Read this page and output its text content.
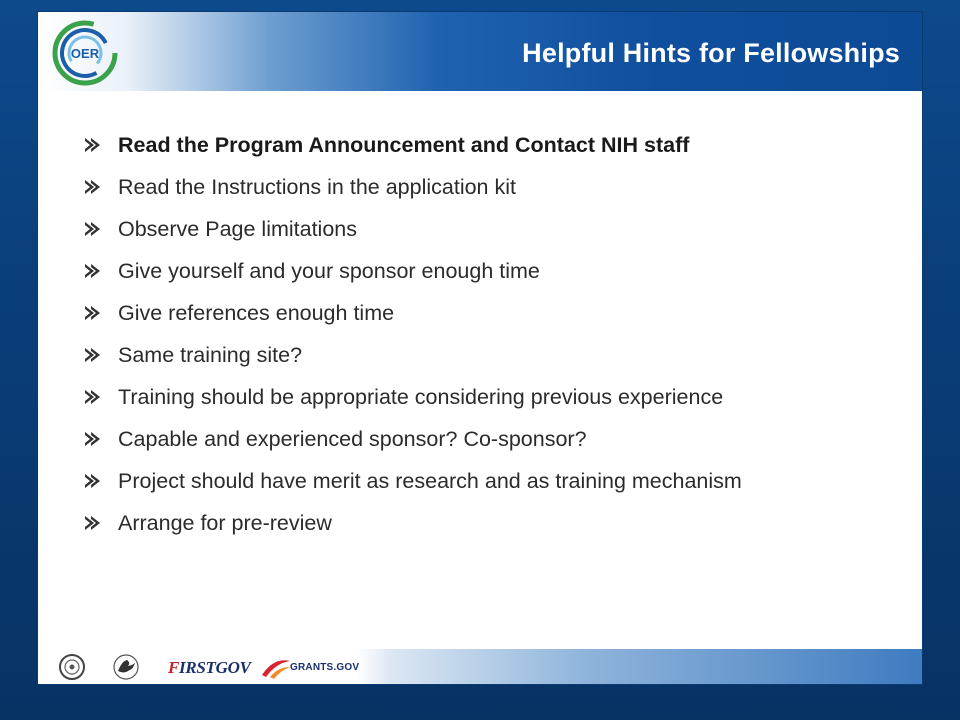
OER	Helpful Hints for Fellowships
Read the Program Announcement and Contact NIH staff
Read the Instructions in the application kit
Observe Page limitations
Give yourself and your sponsor enough time
Give references enough time
Same training site?
Training should be appropriate considering previous experience
Capable and experienced sponsor? Co-sponsor?
Project should have merit as research and as training mechanism
Arrange for pre-review
FIRSTGOV	GRANTS.GOV
